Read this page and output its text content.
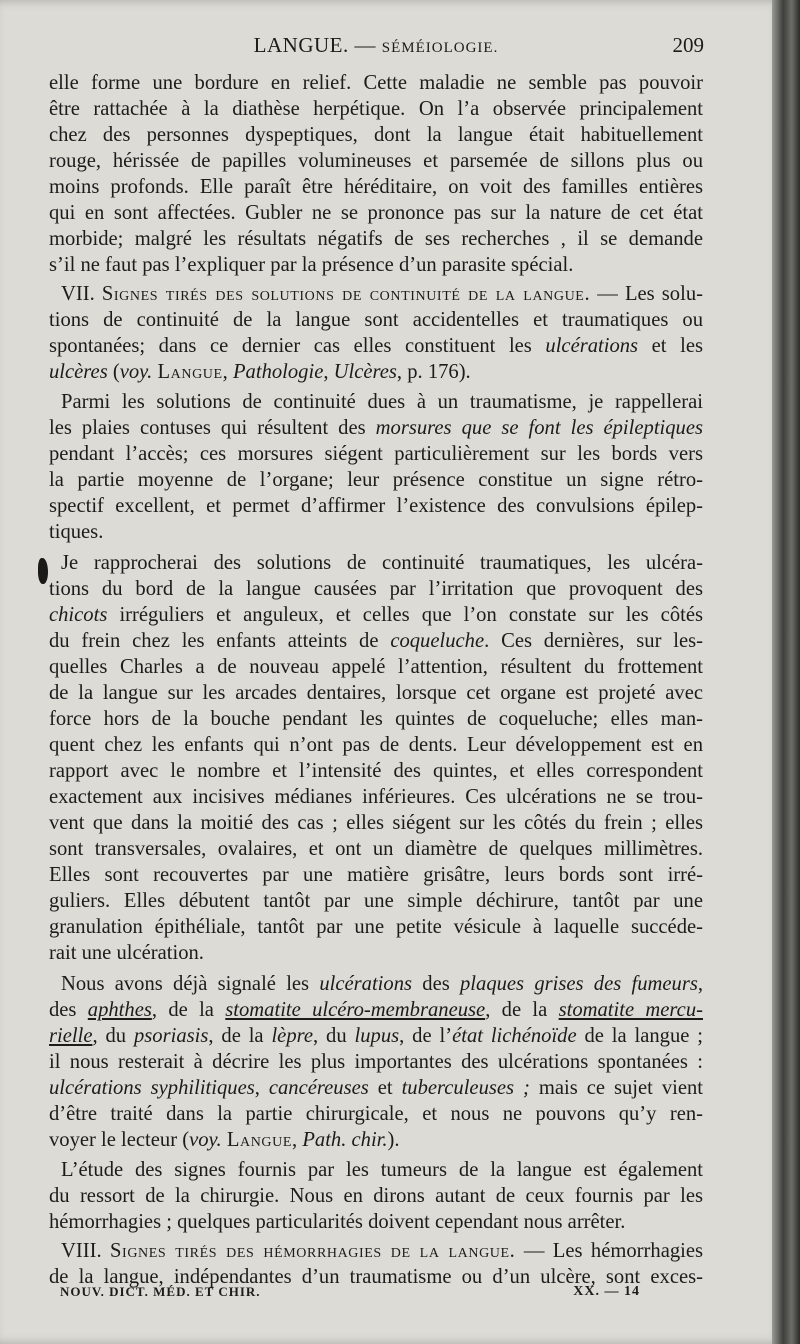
LANGUE. — SÉMÉIOLOGIE.	209
elle forme une bordure en relief. Cette maladie ne semble pas pouvoir
être rattachée à la diathèse herpétique. On l’a observée principalement
chez des personnes dyspeptiques, dont la langue était habituellement
rouge, hérissée de papilles volumineuses et parsemée de sillons plus ou
moins profonds. Elle paraît être héréditaire, on voit des familles entières
qui en sont affectées. Gubler ne se prononce pas sur la nature de cet état
morbide; malgré les résultats négatifs de ses recherches , il se demande
s’il ne faut pas l’expliquer par la présence d’un parasite spécial.
VII. Signes tirés des solutions de continuité de la langue. — Les solu-
tions de continuité de la langue sont accidentelles et traumatiques ou
spontanées; dans ce dernier cas elles constituent les ulcérations et les
ulcères (voy. Langue, Pathologie, Ulcères, p. 176).
Parmi les solutions de continuité dues à un traumatisme, je rappellerai
les plaies contuses qui résultent des morsures que se font les épileptiques
pendant l’accès; ces morsures siégent particulièrement sur les bords vers
la partie moyenne de l’organe; leur présence constitue un signe rétro-
spectif excellent, et permet d’affirmer l’existence des convulsions épilep-
tiques.
Je rapprocherai des solutions de continuité traumatiques, les ulcéra-
tions du bord de la langue causées par l’irritation que provoquent des
chicots irréguliers et anguleux, et celles que l’on constate sur les côtés
du frein chez les enfants atteints de coqueluche. Ces dernières, sur les-
quelles Charles a de nouveau appelé l’attention, résultent du frottement
de la langue sur les arcades dentaires, lorsque cet organe est projeté avec
force hors de la bouche pendant les quintes de coqueluche; elles man-
quent chez les enfants qui n’ont pas de dents. Leur développement est en
rapport avec le nombre et l’intensité des quintes, et elles correspondent
exactement aux incisives médianes inférieures. Ces ulcérations ne se trou-
vent que dans la moitié des cas ; elles siégent sur les côtés du frein ; elles
sont transversales, ovalaires, et ont un diamètre de quelques millimètres.
Elles sont recouvertes par une matière grisâtre, leurs bords sont irré-
guliers. Elles débutent tantôt par une simple déchirure, tantôt par une
granulation épithéliale, tantôt par une petite vésicule à laquelle succéde-
rait une ulcération.
Nous avons déjà signalé les ulcérations des plaques grises des fumeurs,
des aphthes, de la stomatite ulcéro-membraneuse, de la stomatite mercu-
rielle, du psoriasis, de la lèpre, du lupus, de l’état lichénoïde de la langue ;
il nous resterait à décrire les plus importantes des ulcérations spontanées :
ulcérations syphilitiques, cancéreuses et tuberculeuses ; mais ce sujet vient
d’être traité dans la partie chirurgicale, et nous ne pouvons qu’y ren-
voyer le lecteur (voy. Langue, Path. chir.).
L’étude des signes fournis par les tumeurs de la langue est également
du ressort de la chirurgie. Nous en dirons autant de ceux fournis par les
hémorrhagies ; quelques particularités doivent cependant nous arrêter.
VIII. Signes tirés des hémorrhagies de la langue. — Les hémorrhagies
de la langue, indépendantes d’un traumatisme ou d’un ulcère, sont exces-
NOUV. DICT. MÉD. ET CHIR.	XX. — 14
